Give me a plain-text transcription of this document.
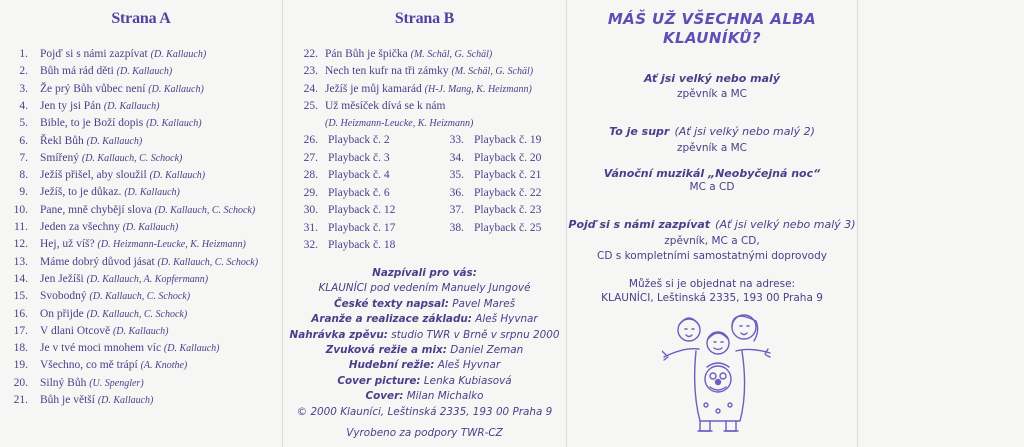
Strana A
1. Pojď si s námi zazpívat (D. Kallauch)
2. Bůh má rád děti (D. Kallauch)
3. Že prý Bůh vůbec není (D. Kallauch)
4. Jen ty jsi Pán (D. Kallauch)
5. Bible, to je Boží dopis (D. Kallauch)
6. Řekl Bůh (D. Kallauch)
7. Smířený (D. Kallauch, C. Schock)
8. Ježíš přišel, aby sloužil (D. Kallauch)
9. Ježíš, to je důkaz. (D. Kallauch)
10. Pane, mně chybějí slova (D. Kallauch, C. Schock)
11. Jeden za všechny (D. Kallauch)
12. Hej, už víš? (D. Heizmann-Leucke, K. Heizmann)
13. Máme dobrý důvod jásat (D. Kallauch, C. Schock)
14. Jen Ježíši (D. Kallauch, A. Kopfermann)
15. Svobodný (D. Kallauch, C. Schock)
16. On přijde (D. Kallauch, C. Schock)
17. V dlani Otcově (D. Kallauch)
18. Je v tvé moci mnohem víc (D. Kallauch)
19. Všechno, co mě trápí (A. Knothe)
20. Silný Bůh (U. Spengler)
21. Bůh je větší (D. Kallauch)
Strana B
22. Pán Bůh je špička (M. Schäl, G. Schäl)
23. Nech ten kufr na tři zámky (M. Schäl, G. Schäl)
24. Ježíš je můj kamarád (H-J. Mang, K. Heizmann)
25. Už měsíček dívá se k nám
(D. Heizmann-Leucke, K. Heizmann)
26. Playback č. 2
27. Playback č. 3
28. Playback č. 4
29. Playback č. 6
30. Playback č. 12
31. Playback č. 17
32. Playback č. 18
33. Playback č. 19
34. Playback č. 20
35. Playback č. 21
36. Playback č. 22
37. Playback č. 23
38. Playback č. 25
Nazpívali pro vás:
KLAUNÍCI pod vedením Manuely Jungové
České texty napsal: Pavel Mareš
Aranže a realizace základu: Aleš Hyvnar
Nahrávka zpěvu: studio TWR v Brně v srpnu 2000
Zvuková režie a mix: Daniel Zeman
Hudební režie: Aleš Hyvnar
Cover picture: Lenka Kubiasová
Cover: Milan Michalko
© 2000 Klauníci, Leštinská 2335, 193 00 Praha 9
Vyrobeno za podpory TWR-CZ
MÁŠ UŽ VŠECHNA ALBA
KLAUNÍKŮ?
Ať jsi velký nebo malý
zpěvník a MC
To je supr (Ať jsi velký nebo malý 2)
zpěvník a MC
Vánoční muzikál „Neobyčejná noc“
MC a CD
Pojď si s námi zazpívat (Ať jsi velký nebo malý 3)
zpěvník, MC a CD,
CD s kompletními samostatnými doprovody
Můžeš si je objednat na adrese:
KLAUNÍCI, Leštinská 2335, 193 00 Praha 9
